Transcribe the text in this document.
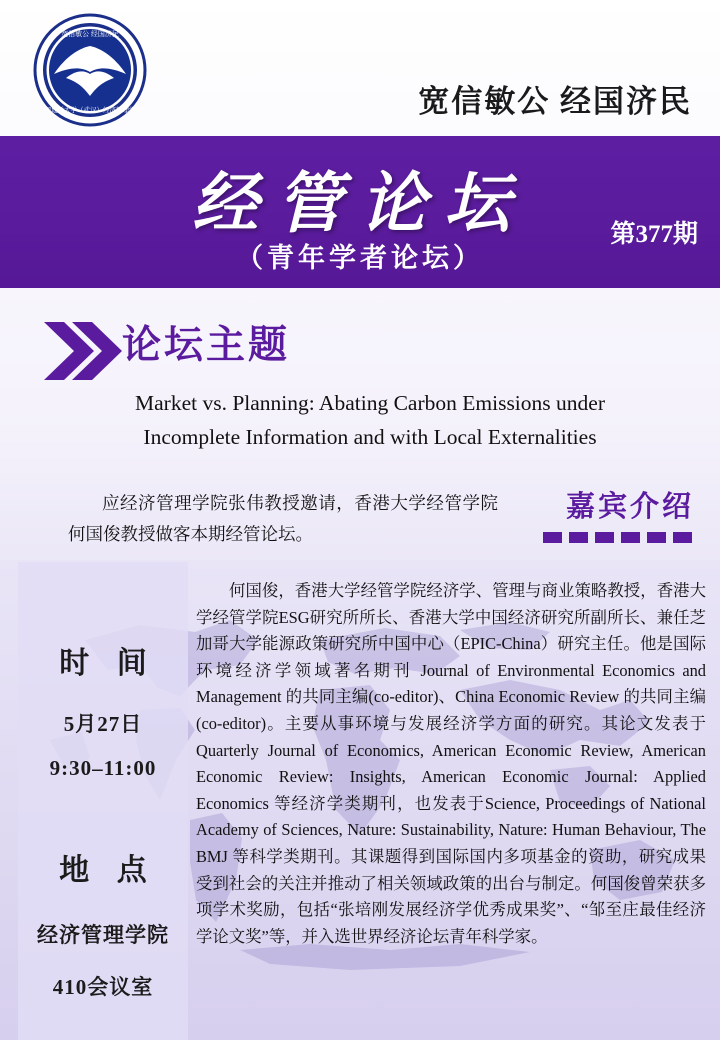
宽信敏公 经国济民
中国地质大学（武汉）经济管理学院	宽信敏公 经国济民
经管论坛	第377期
（青年学者论坛）
论坛主题
Market vs. Planning: Abating Carbon Emissions under
Incomplete Information and with Local Externalities
应经济管理学院张伟教授邀请，香港大学经管学院何国俊教授做客本期经管论坛。
嘉宾介绍
时 间
5月27日
9:30–11:00
地 点
经济管理学院
410会议室
何国俊，香港大学经管学院经济学、管理与商业策略教授，香港大学经管学院ESG研究所所长、香港大学中国经济研究所副所长、兼任芝加哥大学能源政策研究所中国中心（EPIC-China）研究主任。他是国际环境经济学领域著名期刊 Journal of Environmental Economics and Management 的共同主编(co-editor)、China Economic Review 的共同主编(co-editor)。主要从事环境与发展经济学方面的研究。其论文发表于 Quarterly Journal of Economics, American Economic Review, American Economic Review: Insights, American Economic Journal: Applied Economics 等经济学类期刊，也发表于Science, Proceedings of National Academy of Sciences, Nature: Sustainability, Nature: Human Behaviour, The BMJ 等科学类期刊。其课题得到国际国内多项基金的资助，研究成果受到社会的关注并推动了相关领域政策的出台与制定。何国俊曾荣获多项学术奖励，包括“张培刚发展经济学优秀成果奖”、“邹至庄最佳经济学论文奖”等，并入选世界经济论坛青年科学家。
